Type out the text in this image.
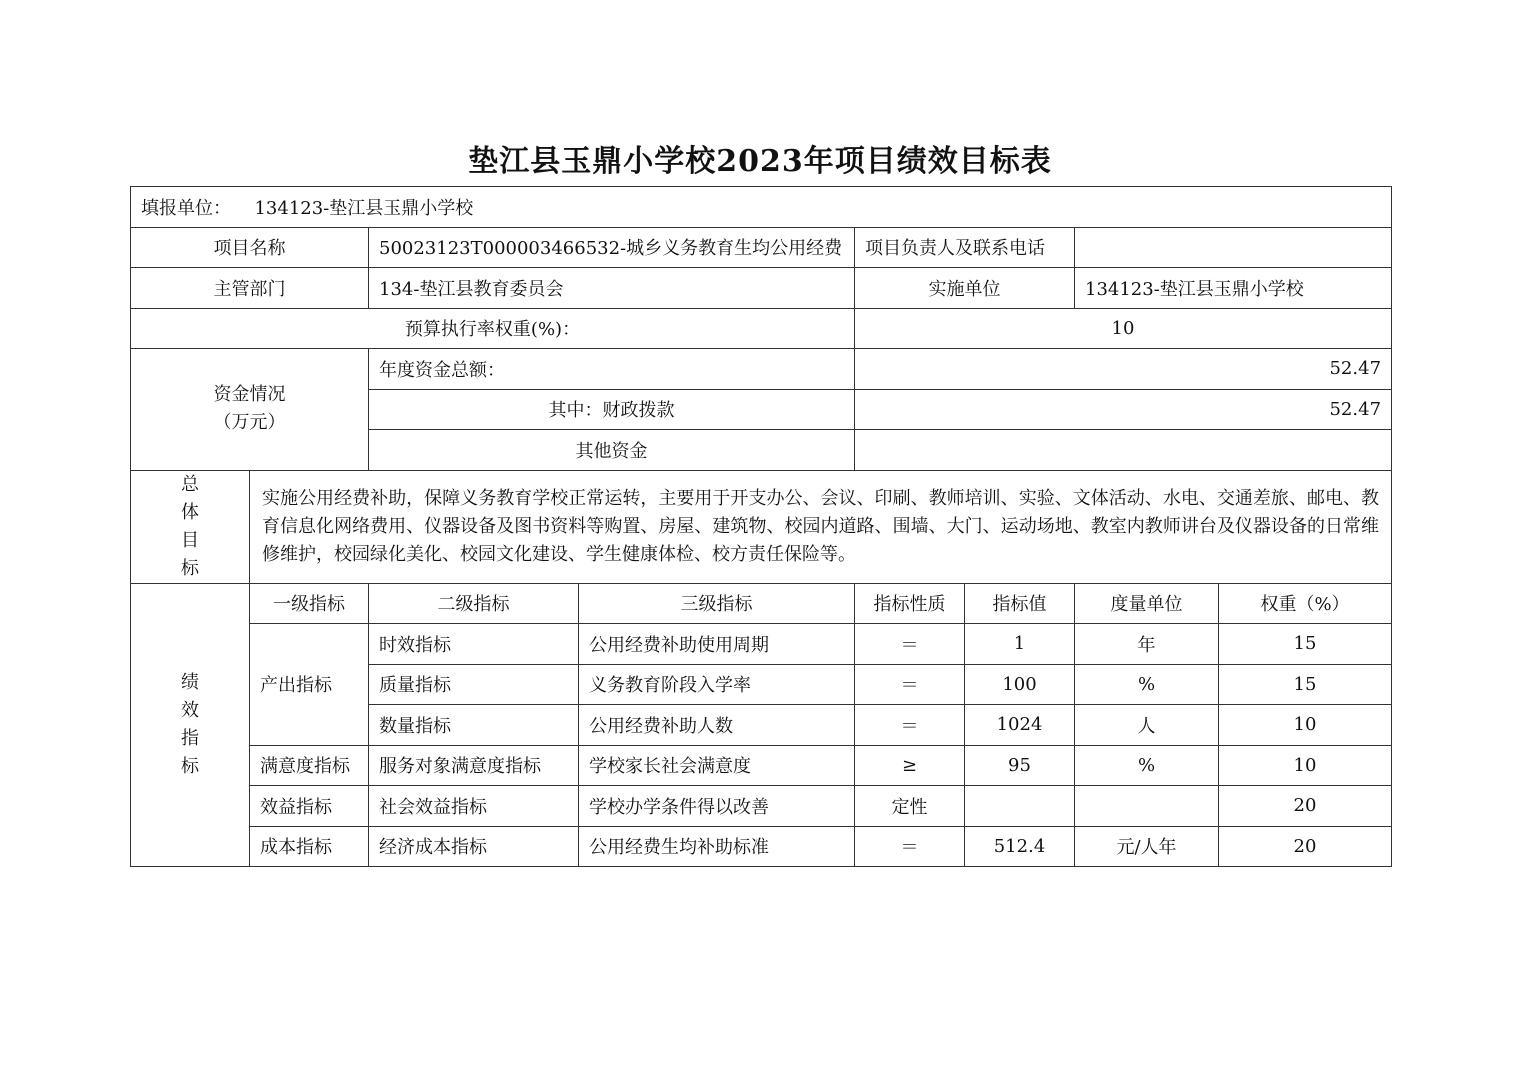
垫江县玉鼎小学校2023年项目绩效目标表
填报单位： 134123-垫江县玉鼎小学校							
项目名称		50023123T000003466532-城乡义务教育生均公用经费		项目负责人及联系电话			
主管部门		134-垫江县教育委员会		实施单位		134123-垫江县玉鼎小学校	
预算执行率权重(%)：				10			

资金情况
（万元）		年度资金总额：		52.47			
		其中：财政拨款		52.47			
		其他资金					

总
体
目
标	实施公用经费补助，保障义务教育学校正常运转，主要用于开支办公、会议、印刷、教师培训、实验、文体活动、水电、交通差旅、邮电、教育信息化网络费用、仪器设备及图书资料等购置、房屋、建筑物、校园内道路、围墙、大门、运动场地、教室内教师讲台及仪器设备的日常维修维护，校园绿化美化、校园文化建设、学生健康体检、校方责任保险等。						

绩
效
指
标	一级指标	二级指标	三级指标	指标性质	指标值	度量单位	权重（%）
	产出指标	时效指标	公用经费补助使用周期	＝	1	年	15
		质量指标	义务教育阶段入学率	＝	100	%	15
		数量指标	公用经费补助人数	＝	1024	人	10
	满意度指标	服务对象满意度指标	学校家长社会满意度	≥	95	%	10
	效益指标	社会效益指标	学校办学条件得以改善	定性			20
	成本指标	经济成本指标	公用经费生均补助标准	＝	512.4	元/人年	20
